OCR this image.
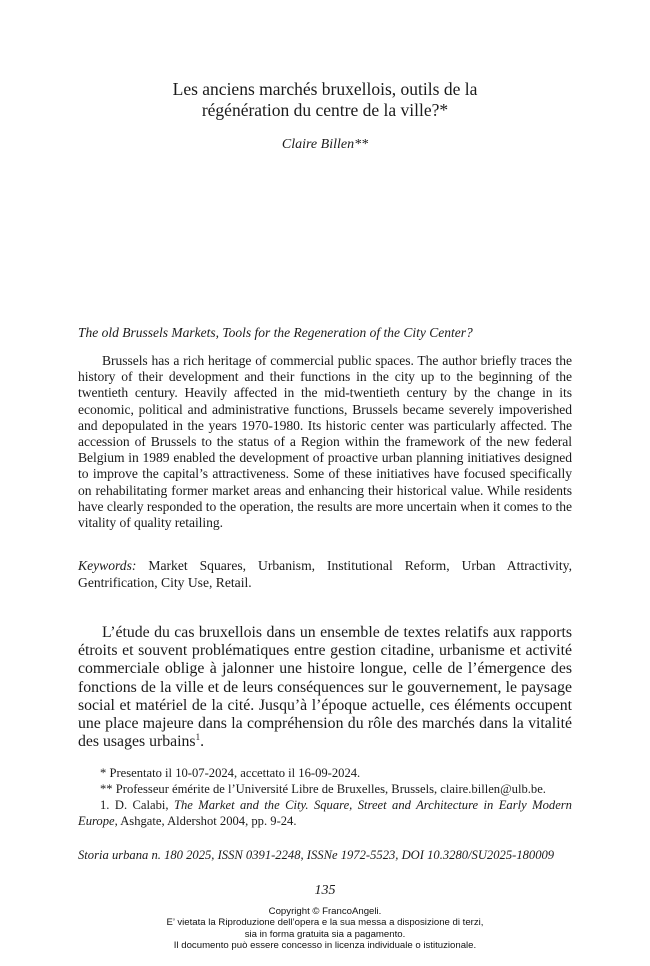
Les anciens marchés bruxellois, outils de la
régénération du centre de la ville?*
Claire Billen**
The old Brussels Markets, Tools for the Regeneration of the City Center?
Brussels has a rich heritage of commercial public spaces. The author briefly traces the history of their development and their functions in the city up to the beginning of the twentieth century. Heavily affected in the mid-twentieth century by the change in its economic, political and administrative functions, Brussels became severely impoverished and depopulated in the years 1970-1980. Its historic center was particularly affected. The accession of Brussels to the status of a Region within the framework of the new federal Belgium in 1989 enabled the development of proactive urban planning initiatives designed to improve the capital’s attractiveness. Some of these initiatives have focused specifically on rehabilitating former market areas and enhancing their historical value. While residents have clearly responded to the operation, the results are more uncertain when it comes to the vitality of quality retailing.
Keywords: Market Squares, Urbanism, Institutional Reform, Urban Attractivity, Gentrification, City Use, Retail.
L’étude du cas bruxellois dans un ensemble de textes relatifs aux rapports étroits et souvent problématiques entre gestion citadine, urbanisme et activité commerciale oblige à jalonner une histoire longue, celle de l’émergence des fonctions de la ville et de leurs conséquences sur le gouvernement, le paysage social et matériel de la cité. Jusqu’à l’époque actuelle, ces éléments occupent une place majeure dans la compréhension du rôle des marchés dans la vitalité des usages urbains$^1$.
* Presentato il 10-07-2024, accettato il 16-09-2024.
** Professeur émérite de l’Université Libre de Bruxelles, Brussels, claire.billen@ulb.be.
1. D. Calabi, The Market and the City. Square, Street and Architecture in Early Modern Europe, Ashgate, Aldershot 2004, pp. 9-24.
Storia urbana n. 180 2025, ISSN 0391-2248, ISSNe 1972-5523, DOI 10.3280/SU2025-180009
135
Copyright © FrancoAngeli.
E’ vietata la Riproduzione dell’opera e la sua messa a disposizione di terzi,
sia in forma gratuita sia a pagamento.
Il documento può essere concesso in licenza individuale o istituzionale.
